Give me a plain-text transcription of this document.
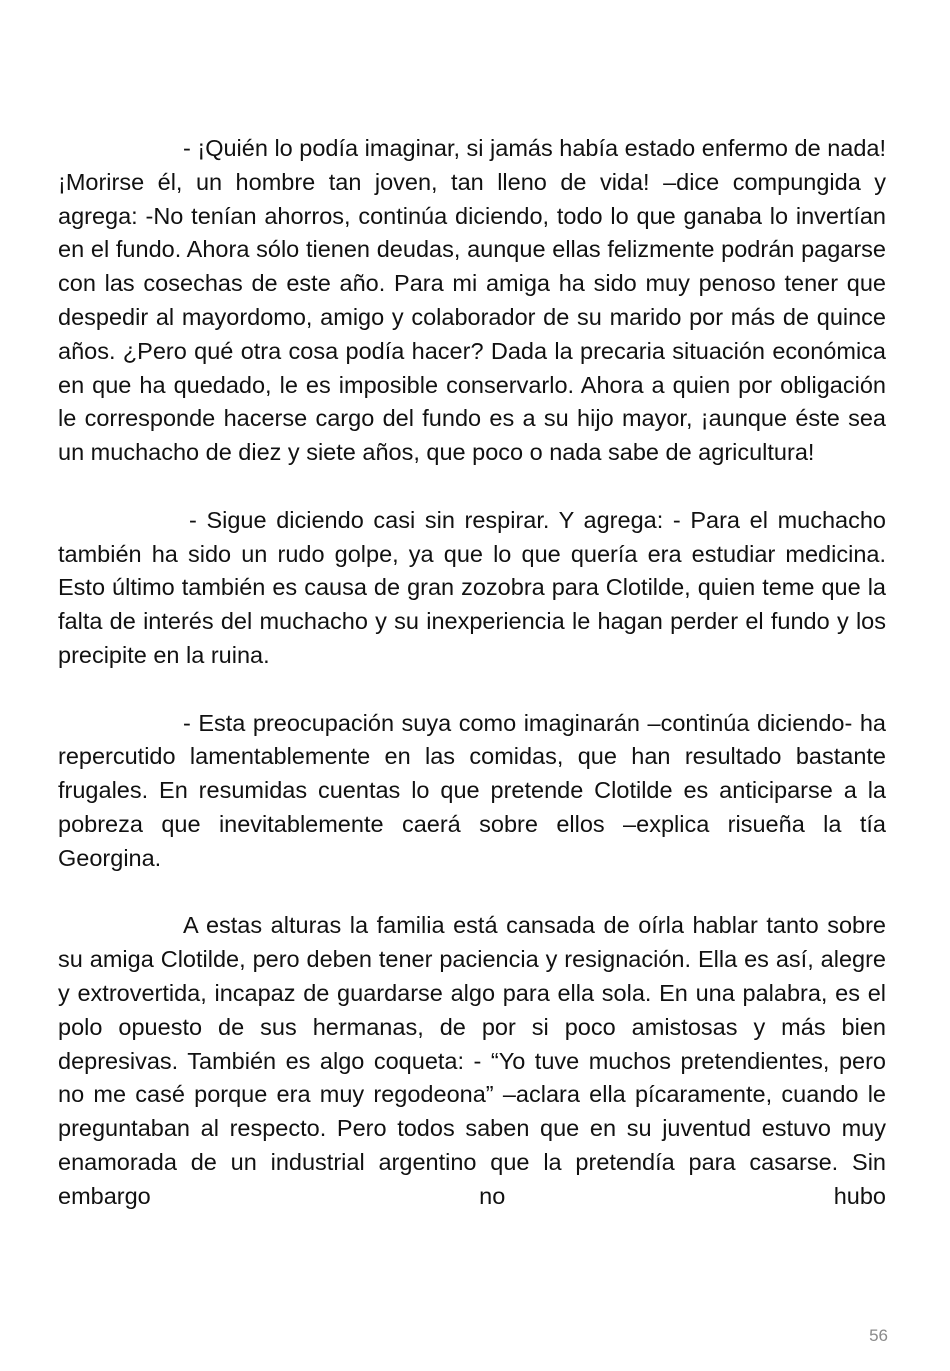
- ¡Quién lo podía imaginar, si jamás había estado enfermo de nada! ¡Morirse él, un hombre tan joven, tan lleno de vida! –dice compungida y agrega: -No tenían ahorros, continúa diciendo, todo lo que ganaba lo invertían en el fundo. Ahora sólo tienen deudas, aunque ellas felizmente podrán pagarse con las cosechas de este año. Para mi amiga ha sido muy penoso tener que despedir al mayordomo, amigo y colaborador de su marido por más de quince años. ¿Pero qué otra cosa podía hacer? Dada la precaria situación económica en que ha quedado, le es imposible conservarlo. Ahora a quien por obligación le corresponde hacerse cargo del fundo es a su hijo mayor, ¡aunque éste sea un muchacho de diez y siete años, que poco o nada sabe de agricultura!

- Sigue diciendo casi sin respirar. Y agrega: - Para el muchacho también ha sido un rudo golpe, ya que lo que quería era estudiar medicina. Esto último también es causa de gran zozobra para Clotilde, quien teme que la falta de interés del muchacho y su inexperiencia le hagan perder el fundo y los precipite en la ruina.

- Esta preocupación suya como imaginarán –continúa diciendo- ha repercutido lamentablemente en las comidas, que han resultado bastante frugales. En resumidas cuentas lo que pretende Clotilde es anticiparse a la pobreza que inevitablemente caerá sobre ellos –explica risueña la tía Georgina.

A estas alturas la familia está cansada de oírla hablar tanto sobre su amiga Clotilde, pero deben tener paciencia y resignación. Ella es así, alegre y extrovertida, incapaz de guardarse algo para ella sola. En una palabra, es el polo opuesto de sus hermanas, de por si poco amistosas y más bien depresivas. También es algo coqueta: - “Yo tuve muchos pretendientes, pero no me casé porque era muy regodeona” –aclara ella pícaramente, cuando le preguntaban al respecto. Pero todos saben que en su juventud estuvo muy enamorada de un industrial argentino que la pretendía para casarse. Sin embargo no hubo

56
